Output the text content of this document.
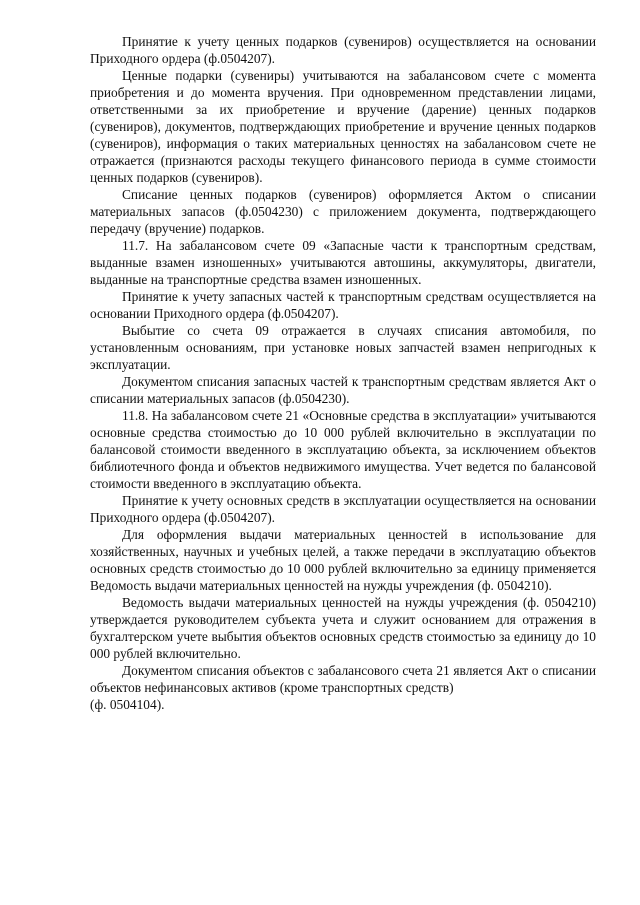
Принятие к учету ценных подарков (сувениров) осуществляется на основании Приходного ордера (ф.0504207).

Ценные подарки (сувениры) учитываются на забалансовом счете с момента приобретения и до момента вручения. При одновременном представлении лицами, ответственными за их приобретение и вручение (дарение) ценных подарков (сувениров), документов, подтверждающих приобретение и вручение ценных подарков (сувениров), информация о таких материальных ценностях на забалансовом счете не отражается (признаются расходы текущего финансового периода в сумме стоимости ценных подарков (сувениров).

Списание ценных подарков (сувениров) оформляется Актом о списании материальных запасов (ф.0504230) с приложением документа, подтверждающего передачу (вручение) подарков.

11.7. На забалансовом счете 09 «Запасные части к транспортным средствам, выданные взамен изношенных» учитываются автошины, аккумуляторы, двигатели, выданные на транспортные средства взамен изношенных.

Принятие к учету запасных частей к транспортным средствам осуществляется на основании Приходного ордера (ф.0504207).

Выбытие со счета 09 отражается в случаях списания автомобиля, по установленным основаниям, при установке новых запчастей взамен непригодных к эксплуатации.

Документом списания запасных частей к транспортным средствам является Акт о списании материальных запасов (ф.0504230).

11.8. На забалансовом счете 21 «Основные средства в эксплуатации» учитываются основные средства стоимостью до 10 000 рублей включительно в эксплуатации по балансовой стоимости введенного в эксплуатацию объекта, за исключением объектов библиотечного фонда и объектов недвижимого имущества. Учет ведется по балансовой стоимости введенного в эксплуатацию объекта.

Принятие к учету основных средств в эксплуатации осуществляется на основании Приходного ордера (ф.0504207).

Для оформления выдачи материальных ценностей в использование для хозяйственных, научных и учебных целей, а также передачи в эксплуатацию объектов основных средств стоимостью до 10 000 рублей включительно за единицу применяется Ведомость выдачи материальных ценностей на нужды учреждения (ф. 0504210).

Ведомость выдачи материальных ценностей на нужды учреждения (ф. 0504210) утверждается руководителем субъекта учета и служит основанием для отражения в бухгалтерском учете выбытия объектов основных средств стоимостью за единицу до 10 000 рублей включительно.

Документом списания объектов с забалансового счета 21 является Акт о списании объектов нефинансовых активов (кроме транспортных средств)

(ф. 0504104).
